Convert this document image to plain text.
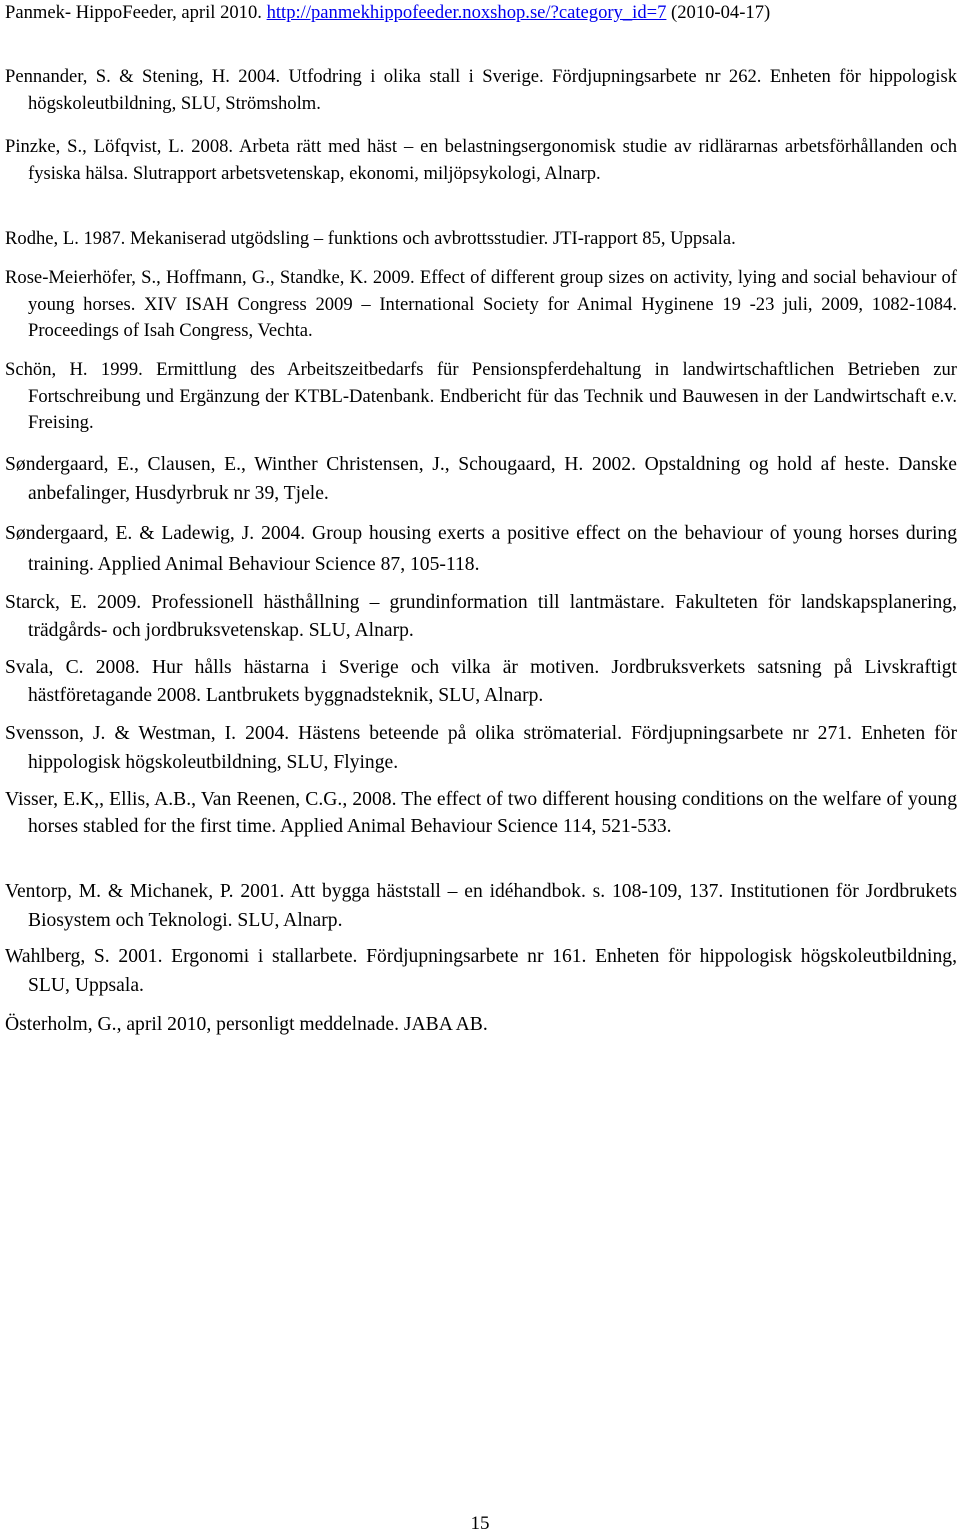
Panmek- HippoFeeder, april 2010. http://panmekhippofeeder.noxshop.se/?category_id=7 (2010-04-17)
Pennander, S. & Stening, H. 2004. Utfodring i olika stall i Sverige. Fördjupningsarbete nr 262. Enheten för hippologisk högskoleutbildning, SLU, Strömsholm.
Pinzke, S., Löfqvist, L. 2008. Arbeta rätt med häst – en belastningsergonomisk studie av ridlärarnas arbetsförhållanden och fysiska hälsa. Slutrapport arbetsvetenskap, ekonomi, miljöpsykologi, Alnarp.
Rodhe, L. 1987. Mekaniserad utgödsling – funktions och avbrottsstudier. JTI-rapport 85, Uppsala.
Rose-Meierhöfer, S., Hoffmann, G., Standke, K. 2009. Effect of different group sizes on activity, lying and social behaviour of young horses. XIV ISAH Congress 2009 – International Society for Animal Hyginene 19 -23 juli, 2009, 1082-1084. Proceedings of Isah Congress, Vechta.
Schön, H. 1999. Ermittlung des Arbeitszeitbedarfs für Pensionspferdehaltung in landwirtschaftlichen Betrieben zur Fortschreibung und Ergänzung der KTBL-Datenbank. Endbericht für das Technik und Bauwesen in der Landwirtschaft e.v. Freising.
Søndergaard, E., Clausen, E., Winther Christensen, J., Schougaard, H. 2002. Opstaldning og hold af heste. Danske anbefalinger, Husdyrbruk nr 39, Tjele.
Søndergaard, E. & Ladewig, J. 2004. Group housing exerts a positive effect on the behaviour of young horses during training. Applied Animal Behaviour Science 87, 105-118.
Starck, E. 2009. Professionell hästhållning – grundinformation till lantmästare. Fakulteten för landskapsplanering, trädgårds- och jordbruksvetenskap. SLU, Alnarp.
Svala, C. 2008. Hur hålls hästarna i Sverige och vilka är motiven. Jordbruksverkets satsning på Livskraftigt hästföretagande 2008. Lantbrukets byggnadsteknik, SLU, Alnarp.
Svensson, J. & Westman, I. 2004. Hästens beteende på olika strömaterial. Fördjupningsarbete nr 271. Enheten för hippologisk högskoleutbildning, SLU, Flyinge.
Visser, E.K,, Ellis, A.B., Van Reenen, C.G., 2008. The effect of two different housing conditions on the welfare of young horses stabled for the first time. Applied Animal Behaviour Science 114, 521-533.
Ventorp, M. & Michanek, P. 2001. Att bygga häststall – en idéhandbok. s. 108-109, 137. Institutionen för Jordbrukets Biosystem och Teknologi. SLU, Alnarp.
Wahlberg, S. 2001. Ergonomi i stallarbete. Fördjupningsarbete nr 161. Enheten för hippologisk högskoleutbildning, SLU, Uppsala.
Österholm, G., april 2010, personligt meddelnade. JABA AB.
15
